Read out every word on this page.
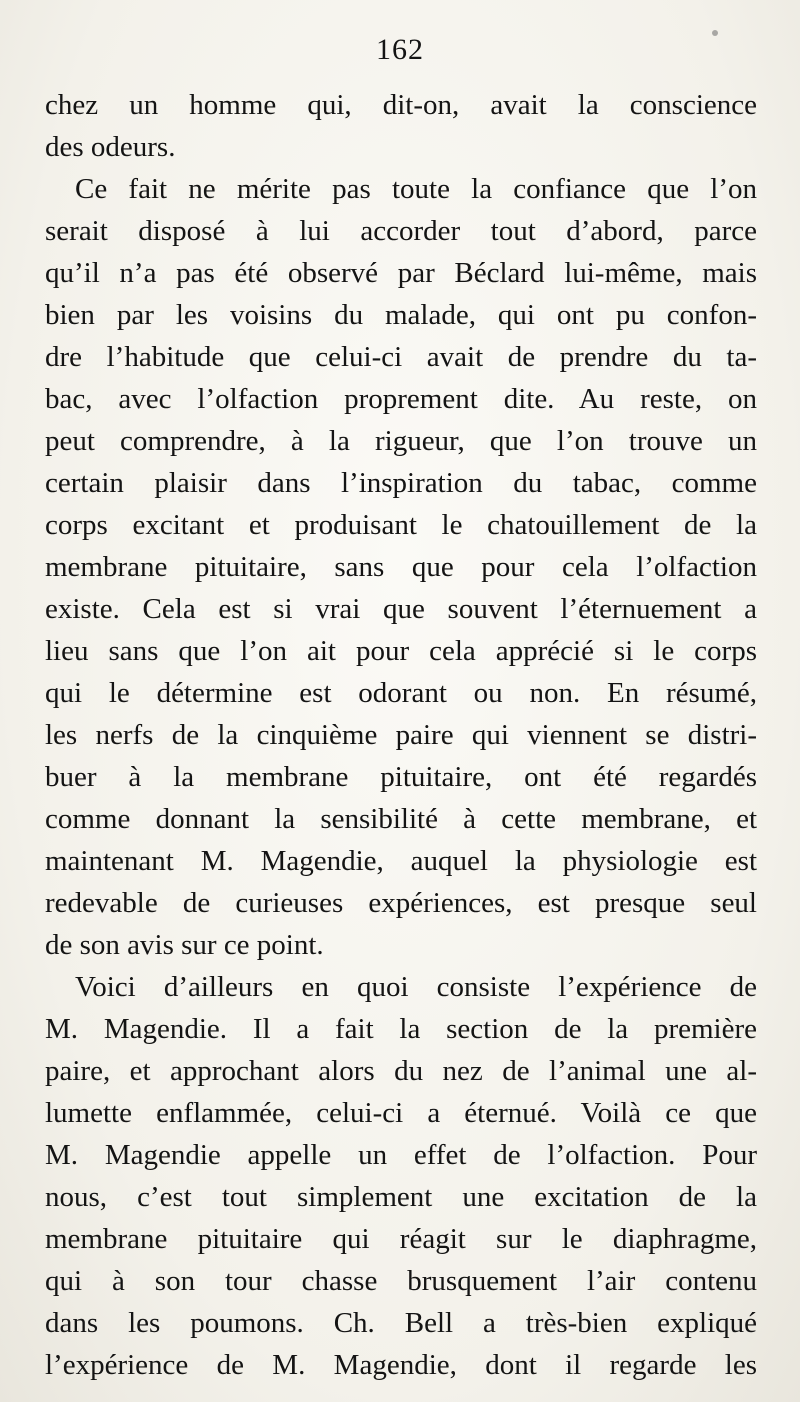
162
chez un homme qui, dit-on, avait la conscience
des odeurs.
Ce fait ne mérite pas toute la confiance que l’on
serait disposé à lui accorder tout d’abord, parce
qu’il n’a pas été observé par Béclard lui-même, mais
bien par les voisins du malade, qui ont pu confon-
dre l’habitude que celui-ci avait de prendre du ta-
bac, avec l’olfaction proprement dite. Au reste, on
peut comprendre, à la rigueur, que l’on trouve un
certain plaisir dans l’inspiration du tabac, comme
corps excitant et produisant le chatouillement de la
membrane pituitaire, sans que pour cela l’olfaction
existe. Cela est si vrai que souvent l’éternuement a
lieu sans que l’on ait pour cela apprécié si le corps
qui le détermine est odorant ou non. En résumé,
les nerfs de la cinquième paire qui viennent se distri-
buer à la membrane pituitaire, ont été regardés
comme donnant la sensibilité à cette membrane, et
maintenant M. Magendie, auquel la physiologie est
redevable de curieuses expériences, est presque seul
de son avis sur ce point.
Voici d’ailleurs en quoi consiste l’expérience de
M. Magendie. Il a fait la section de la première
paire, et approchant alors du nez de l’animal une al-
lumette enflammée, celui-ci a éternué. Voilà ce que
M. Magendie appelle un effet de l’olfaction. Pour
nous, c’est tout simplement une excitation de la
membrane pituitaire qui réagit sur le diaphragme,
qui à son tour chasse brusquement l’air contenu
dans les poumons. Ch. Bell a très-bien expliqué
l’expérience de M. Magendie, dont il regarde les
